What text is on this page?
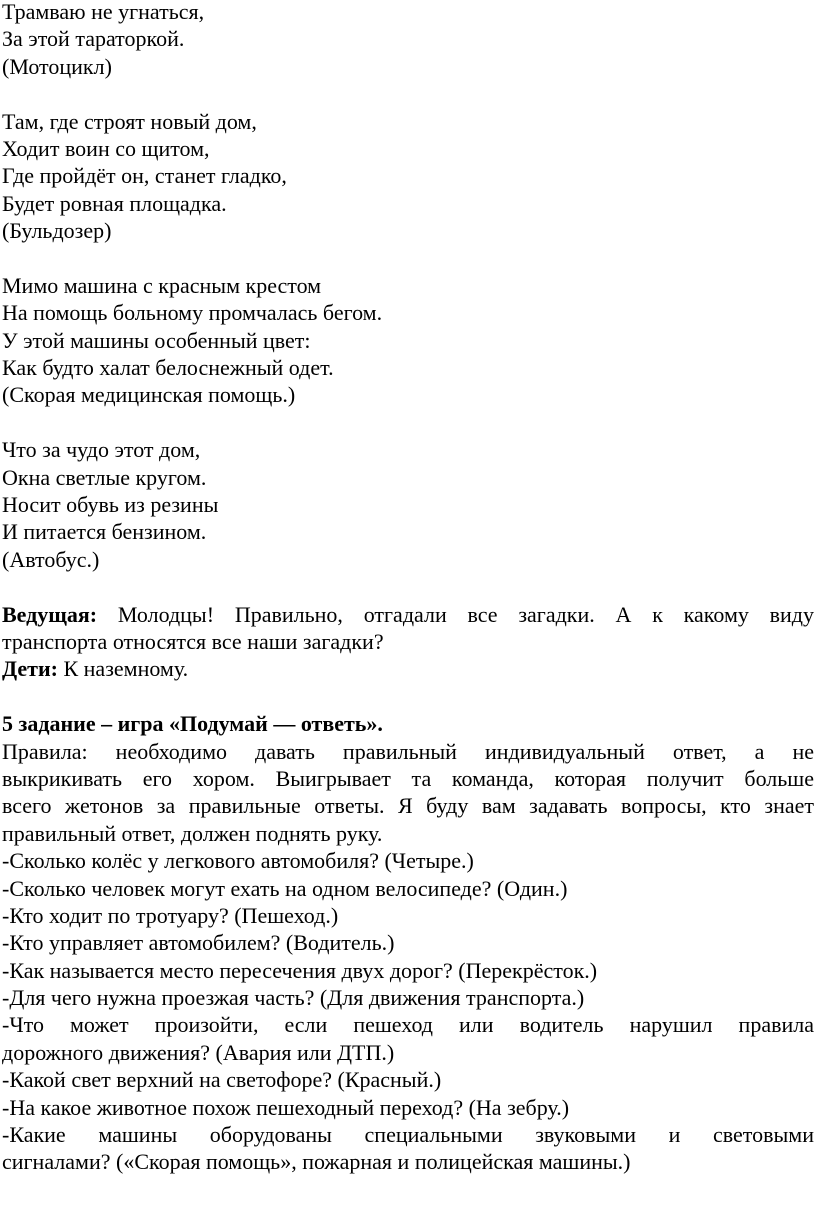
Трамваю не угнаться,
За этой тараторкой.
(Мотоцикл)
Там, где строят новый дом,
Ходит воин со щитом,
Где пройдёт он, станет гладко,
Будет ровная площадка.
(Бульдозер)
Мимо машина с красным крестом
На помощь больному промчалась бегом.
У этой машины особенный цвет:
Как будто халат белоснежный одет.
(Скорая медицинская помощь.)
Что за чудо этот дом,
Окна светлые кругом.
Носит обувь из резины
И питается бензином.
(Автобус.)
Ведущая: Молодцы! Правильно, отгадали все загадки. А к какому виду
транспорта относятся все наши загадки?
Дети: К наземному.
5 задание – игра «Подумай — ответь».
Правила: необходимо давать правильный индивидуальный ответ, а не
выкрикивать его хором. Выигрывает та команда, которая получит больше
всего жетонов за правильные ответы. Я буду вам задавать вопросы, кто знает
правильный ответ, должен поднять руку.
-Сколько колёс у легкового автомобиля? (Четыре.)
-Сколько человек могут ехать на одном велосипеде? (Один.)
-Кто ходит по тротуару? (Пешеход.)
-Кто управляет автомобилем? (Водитель.)
-Как называется место пересечения двух дорог? (Перекрёсток.)
-Для чего нужна проезжая часть? (Для движения транспорта.)
-Что может произойти, если пешеход или водитель нарушил правила
дорожного движения? (Авария или ДТП.)
-Какой свет верхний на светофоре? (Красный.)
-На какое животное похож пешеходный переход? (На зебру.)
-Какие машины оборудованы специальными звуковыми и световыми
сигналами? («Скорая помощь», пожарная и полицейская машины.)
